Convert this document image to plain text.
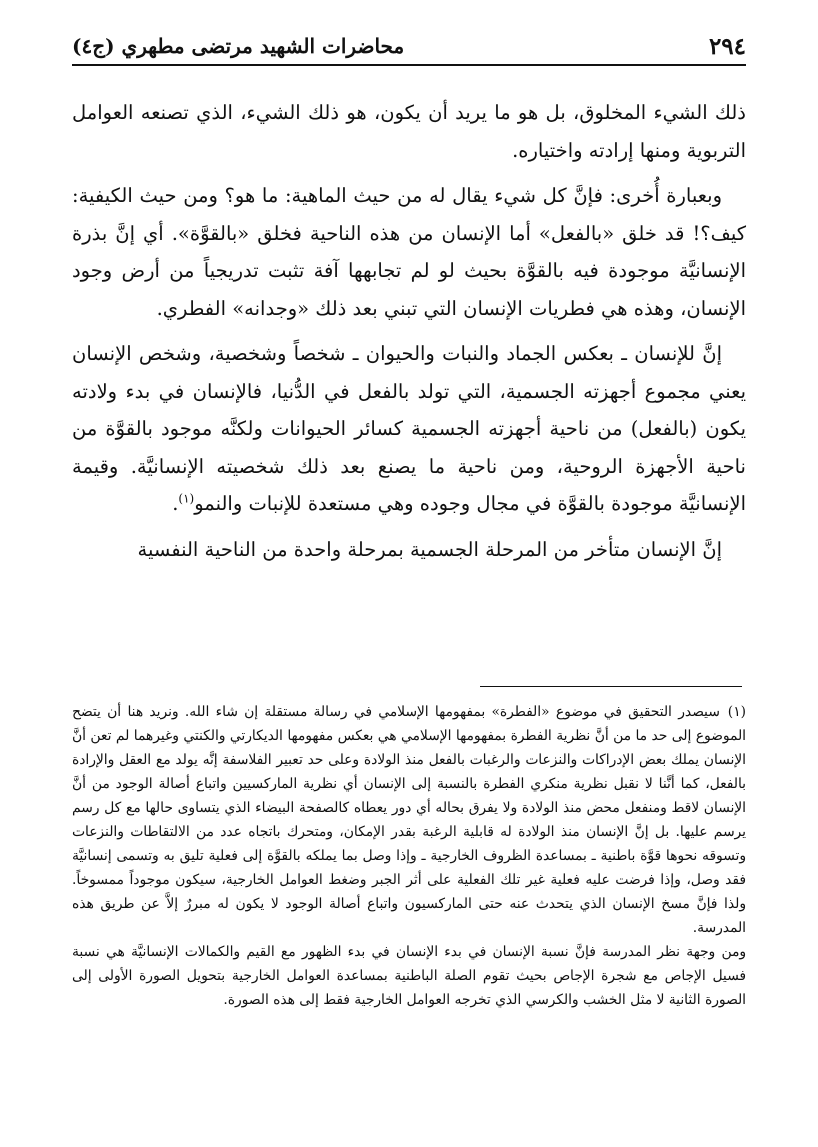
٢٩٤
محاضرات الشهيد مرتضى مطهري (ج٤)

ذلك الشيء المخلوق، بل هو ما يريد أن يكون، هو ذلك الشيء، الذي تصنعه العوامل التربوية ومنها إرادته واختياره.

وبعبارة أُخرى: فإنَّ كل شيء يقال له من حيث الماهية: ما هو؟ ومن حيث الكيفية: كيف؟! قد خلق «بالفعل» أما الإنسان من هذه الناحية فخلق «بالقوَّة». أي إنَّ بذرة الإنسانيَّة موجودة فيه بالقوَّة بحيث لو لم تجابهها آفة تثبت تدريجياً من أرض وجود الإنسان، وهذه هي فطريات الإنسان التي تبني بعد ذلك «وجدانه» الفطري.

إنَّ للإنسان ـ بعكس الجماد والنبات والحيوان ـ شخصاً وشخصية، وشخص الإنسان يعني مجموع أجهزته الجسمية، التي تولد بالفعل في الدُّنيا، فالإنسان في بدء ولادته يكون (بالفعل) من ناحية أجهزته الجسمية كسائر الحيوانات ولكنَّه موجود بالقوَّة من ناحية الأجهزة الروحية، ومن ناحية ما يصنع بعد ذلك شخصيته الإنسانيَّة. وقيمة الإنسانيَّة موجودة بالقوَّة في مجال وجوده وهي مستعدة للإنبات والنمو$^{(١)}$.

إنَّ الإنسان متأخر من المرحلة الجسمية بمرحلة واحدة من الناحية النفسية

(١)سيصدر التحقيق في موضوع «الفطرة» بمفهومها الإسلامي في رسالة مستقلة إن شاء الله. ونريد هنا أن يتضح الموضوع إلى حد ما من أنَّ نظرية الفطرة بمفهومها الإسلامي هي بعكس مفهومها الديكارتي والكنتي وغيرهما لم تعن أنَّ الإنسان يملك بعض الإدراكات والنزعات والرغبات بالفعل منذ الولادة وعلى حد تعبير الفلاسفة إنَّه يولد مع العقل والإرادة بالفعل، كما أنَّنا لا نقبل نظرية منكري الفطرة بالنسبة إلى الإنسان أي نظرية الماركسيين واتباع أصالة الوجود من أنَّ الإنسان لاقط ومنفعل محض منذ الولادة ولا يفرق بحاله أي دور يعطاه كالصفحة البيضاء الذي يتساوى حالها مع كل رسم يرسم عليها. بل إنَّ الإنسان منذ الولادة له قابلية الرغبة بقدر الإمكان، ومتحرك باتجاه عدد من الالتقاطات والنزعات وتسوقه نحوها قوَّة باطنية ـ بمساعدة الظروف الخارجية ـ وإذا وصل بما يملكه بالقوَّة إلى فعلية تليق به وتسمى إنسانيَّة فقد وصل، وإذا فرضت عليه فعلية غير تلك الفعلية على أثر الجبر وضغط العوامل الخارجية، سيكون موجوداً ممسوخاً. ولذا فإنَّ مسخ الإنسان الذي يتحدث عنه حتى الماركسيون واتباع أصالة الوجود لا يكون له مبررٌ إلاَّ عن طريق هذه المدرسة.

ومن وجهة نظر المدرسة فإنَّ نسبة الإنسان في بدء الإنسان في بدء الظهور مع القيم والكمالات الإنسانيَّة هي نسبة فسيل الإجاص مع شجرة الإجاص بحيث تقوم الصلة الباطنية بمساعدة العوامل الخارجية بتحويل الصورة الأولى إلى الصورة الثانية لا مثل الخشب والكرسي الذي تخرجه العوامل الخارجية فقط إلى هذه الصورة.
